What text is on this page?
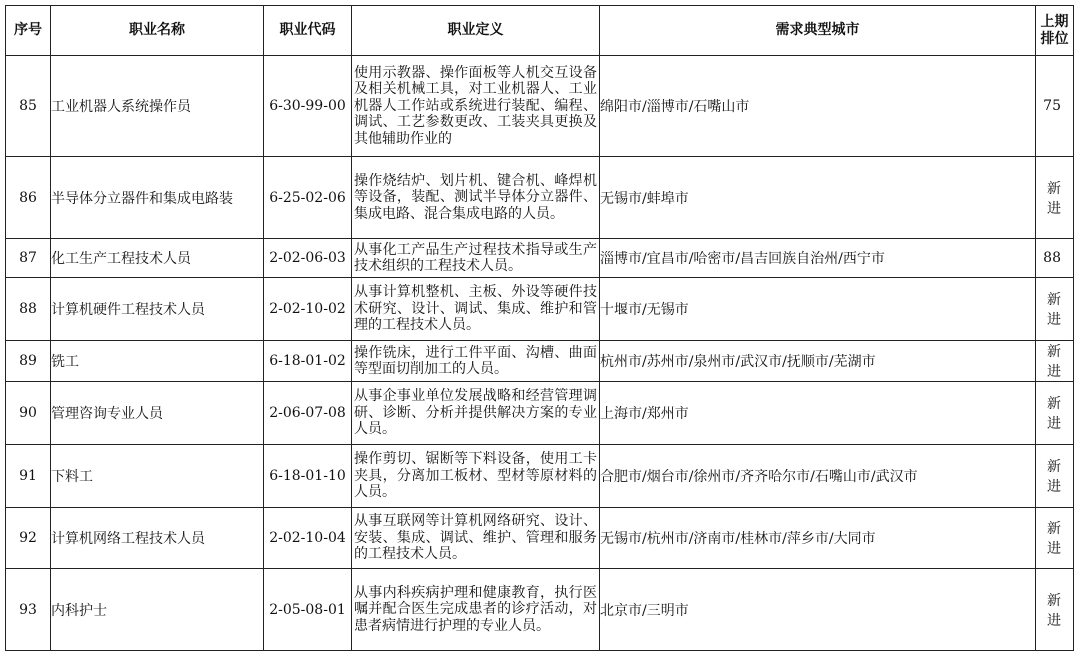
序号	职业名称	职业代码	职业定义	需求典型城市	上期
排位

85	工业机器人系统操作员	6-30-99-00	使用示教器、操作面板等人机交互设备及相关机械工具，对工业机器人、工业机器人工作站或系统进行装配、编程、调试、工艺参数更改、工装夹具更换及其他辅助作业的	绵阳市/淄博市/石嘴山市	75
86	半导体分立器件和集成电路装	6-25-02-06	操作烧结炉、划片机、键合机、峰焊机等设备，装配、测试半导体分立器件、集成电路、混合集成电路的人员。	无锡市/蚌埠市	新进
87	化工生产工程技术人员	2-02-06-03	从事化工产品生产过程技术指导或生产技术组织的工程技术人员。	淄博市/宜昌市/哈密市/昌吉回族自治州/西宁市	88
88	计算机硬件工程技术人员	2-02-10-02	从事计算机整机、主板、外设等硬件技术研究、设计、调试、集成、维护和管理的工程技术人员。	十堰市/无锡市	新进
89	铣工	6-18-01-02	操作铣床，进行工件平面、沟槽、曲面等型面切削加工的人员。	杭州市/苏州市/泉州市/武汉市/抚顺市/芜湖市	新进
90	管理咨询专业人员	2-06-07-08	从事企事业单位发展战略和经营管理调研、诊断、分析并提供解决方案的专业人员。	上海市/郑州市	新进
91	下料工	6-18-01-10	操作剪切、锯断等下料设备，使用工卡夹具，分离加工板材、型材等原材料的人员。	合肥市/烟台市/徐州市/齐齐哈尔市/石嘴山市/武汉市	新进
92	计算机网络工程技术人员	2-02-10-04	从事互联网等计算机网络研究、设计、安装、集成、调试、维护、管理和服务的工程技术人员。	无锡市/杭州市/济南市/桂林市/萍乡市/大同市	新进
93	内科护士	2-05-08-01	从事内科疾病护理和健康教育，执行医嘱并配合医生完成患者的诊疗活动，对患者病情进行护理的专业人员。	北京市/三明市	新进
